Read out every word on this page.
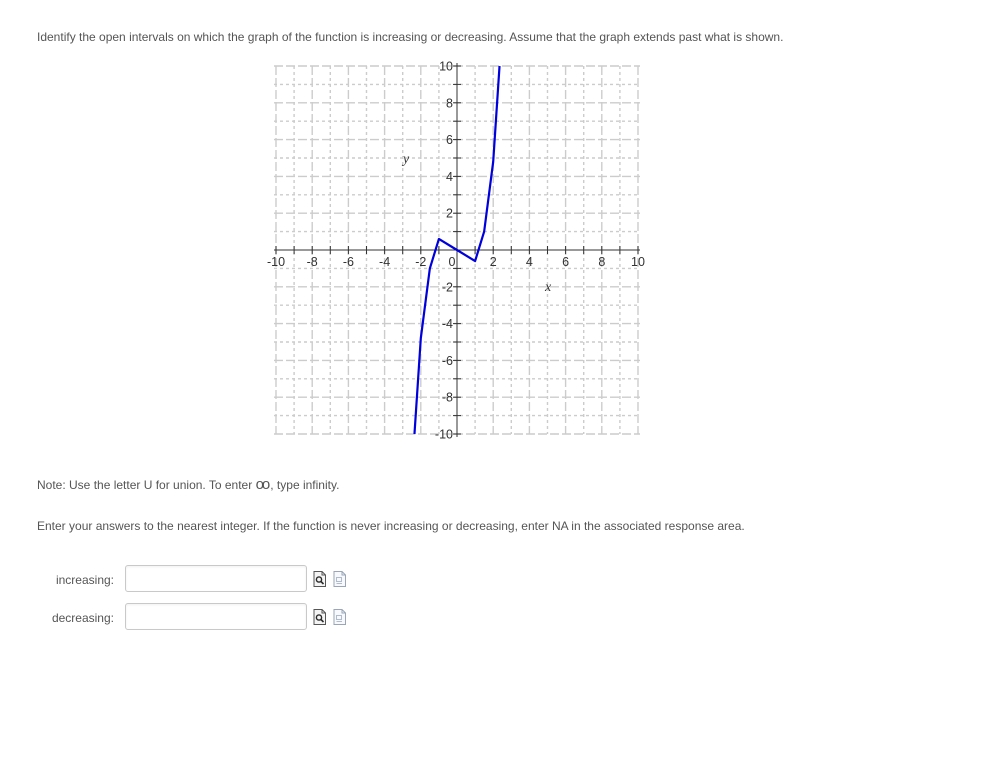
Identify the open intervals on which the graph of the function is increasing or decreasing. Assume that the graph extends past what is shown.
-10 -8 -6 -4 -2	2 4 6 8 10
10
8
6
4
2
-2
-4
-6
-8
-10
0
y
x
Note: Use the letter U for union. To enter oo , type infinity.
Enter your answers to the nearest integer. If the function is never increasing or decreasing, enter NA in the associated response area.
increasing:
decreasing:
